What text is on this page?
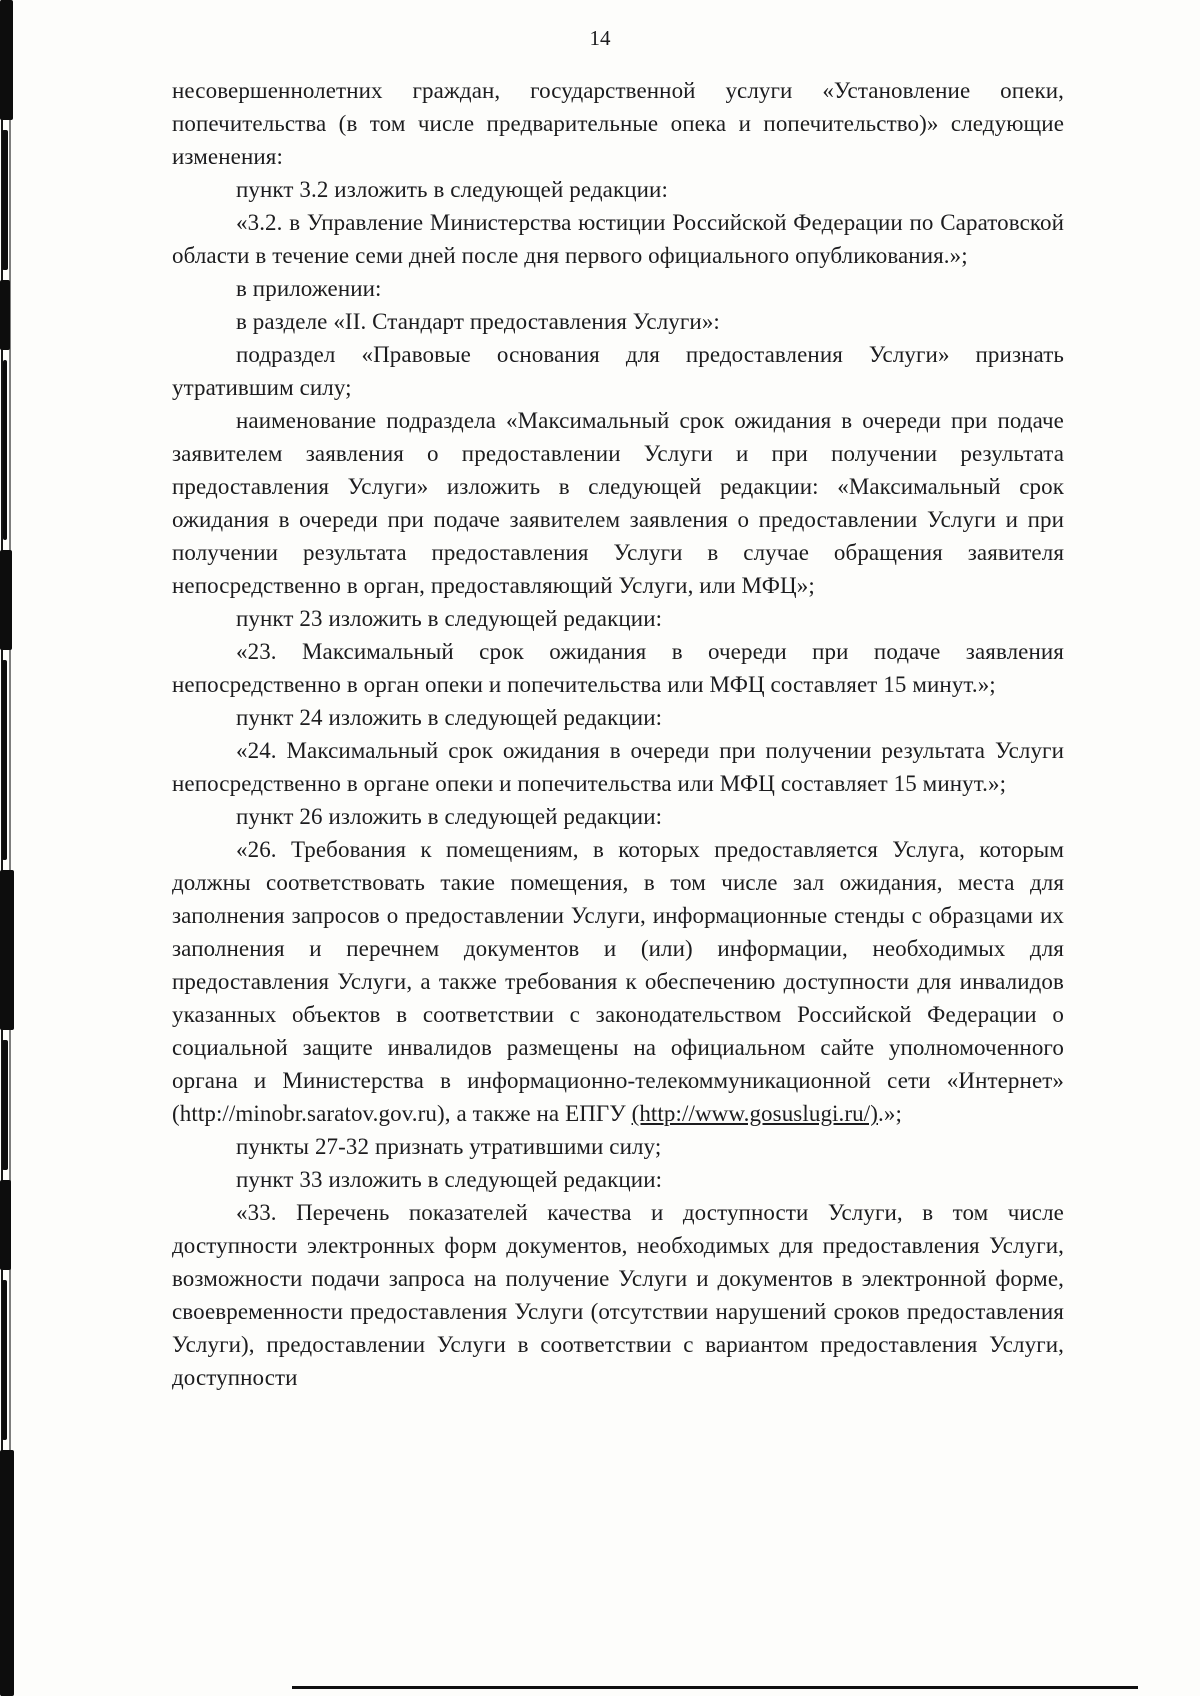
14

несовершеннолетних граждан, государственной услуги «Установление опеки, попечительства (в том числе предварительные опека и попечительство)» следующие изменения:

пункт 3.2 изложить в следующей редакции:

«3.2. в Управление Министерства юстиции Российской Федерации по Саратовской области в течение семи дней после дня первого официального опубликования.»;

в приложении:

в разделе «II. Стандарт предоставления Услуги»:

подраздел «Правовые основания для предоставления Услуги» признать утратившим силу;

наименование подраздела «Максимальный срок ожидания в очереди при подаче заявителем заявления о предоставлении Услуги и при получении результата предоставления Услуги» изложить в следующей редакции: «Максимальный срок ожидания в очереди при подаче заявителем заявления о предоставлении Услуги и при получении результата предоставления Услуги в случае обращения заявителя непосредственно в орган, предоставляющий Услуги, или МФЦ»;

пункт 23 изложить в следующей редакции:

«23. Максимальный срок ожидания в очереди при подаче заявления непосредственно в орган опеки и попечительства или МФЦ составляет 15 минут.»;

пункт 24 изложить в следующей редакции:

«24. Максимальный срок ожидания в очереди при получении результата Услуги непосредственно в органе опеки и попечительства или МФЦ составляет 15 минут.»;

пункт 26 изложить в следующей редакции:

«26. Требования к помещениям, в которых предоставляется Услуга, которым должны соответствовать такие помещения, в том числе зал ожидания, места для заполнения запросов о предоставлении Услуги, информационные стенды с образцами их заполнения и перечнем документов и (или) информации, необходимых для предоставления Услуги, а также требования к обеспечению доступности для инвалидов указанных объектов в соответствии с законодательством Российской Федерации о социальной защите инвалидов размещены на официальном сайте уполномоченного органа и Министерства в информационно-телекоммуникационной сети «Интернет» (http://minobr.saratov.gov.ru), а также на ЕПГУ (http://www.gosuslugi.ru/).»;

пункты 27-32 признать утратившими силу;

пункт 33 изложить в следующей редакции:

«33. Перечень показателей качества и доступности Услуги, в том числе доступности электронных форм документов, необходимых для предоставления Услуги, возможности подачи запроса на получение Услуги и документов в электронной форме, своевременности предоставления Услуги (отсутствии нарушений сроков предоставления Услуги), предоставлении Услуги в соответствии с вариантом предоставления Услуги, доступности
